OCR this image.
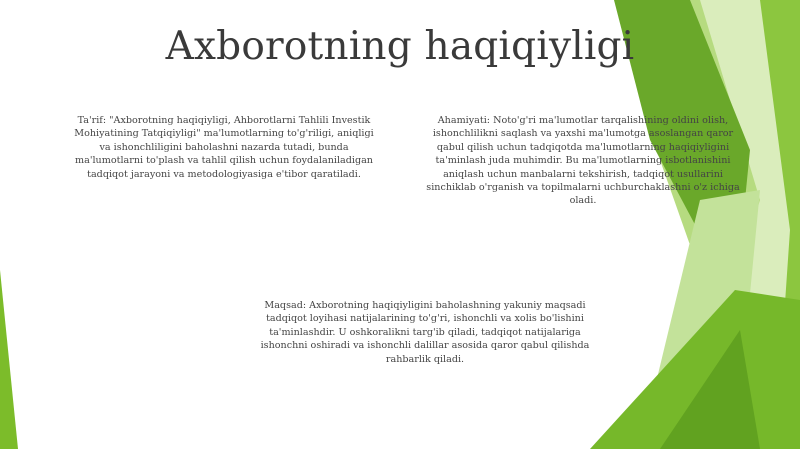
Axborotning haqiqiyligi

Ta'rif: "Axborotning haqiqiyligi, Ahborotlarni Tahlili Investik Mohiyatining Tatqiqiyligi" ma'lumotlarning to'g'riligi, aniqligi va ishonchliligini baholashni nazarda tutadi, bunda ma'lumotlarni to'plash va tahlil qilish uchun foydalaniladigan tadqiqot jarayoni va metodologiyasiga e'tibor qaratiladi.

Ahamiyati: Noto'g'ri ma'lumotlar tarqalishining oldini olish, ishonchlilikni saqlash va yaxshi ma'lumotga asoslangan qaror qabul qilish uchun tadqiqotda ma'lumotlarning haqiqiyligini ta'minlash juda muhimdir. Bu ma'lumotlarning isbotlanishini aniqlash uchun manbalarni tekshirish, tadqiqot usullarini sinchiklab o'rganish va topilmalarni uchburchaklashni o'z ichiga oladi.

Maqsad: Axborotning haqiqiyligini baholashning yakuniy maqsadi tadqiqot loyihasi natijalarining to'g'ri, ishonchli va xolis bo'lishini ta'minlashdir. U oshkoralikni targ'ib qiladi, tadqiqot natijalariga ishonchni oshiradi va ishonchli dalillar asosida qaror qabul qilishda rahbarlik qiladi.
